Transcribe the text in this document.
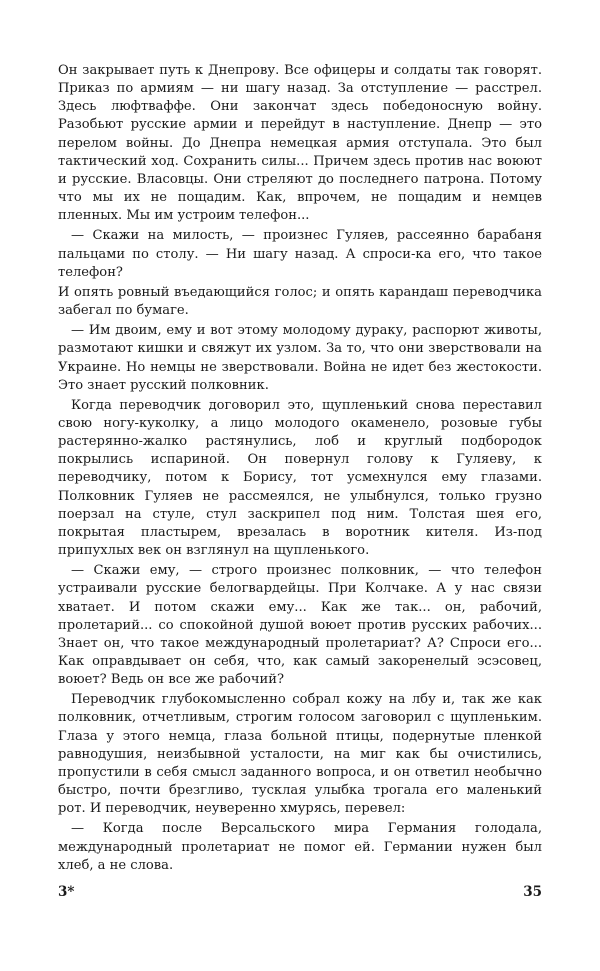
Он закрывает путь к Днепрову. Все офицеры и солдаты так говорят. Приказ по армиям — ни шагу назад. За отступление — расстрел. Здесь люфтваффе. Они закончат здесь победоносную войну. Разобьют русские армии и перейдут в наступление. Днепр — это перелом войны. До Днепра немецкая армия отступала. Это был тактический ход. Сохранить силы... Причем здесь против нас воюют и русские. Власовцы. Они стреляют до последнего патрона. Потому что мы их не пощадим. Как, впрочем, не пощадим и немцев пленных. Мы им устроим телефон...

— Скажи на милость, — произнес Гуляев, рассеянно барабаня пальцами по столу. — Ни шагу назад. А спроси-ка его, что такое телефон?

И опять ровный въедающийся голос; и опять карандаш переводчика забегал по бумаге.

— Им двоим, ему и вот этому молодому дураку, распорют животы, размотают кишки и свяжут их узлом. За то, что они зверствовали на Украине. Но немцы не зверствовали. Война не идет без жестокости. Это знает русский полковник.

Когда переводчик договорил это, щупленький снова переставил свою ногу-куколку, а лицо молодого окаменело, розовые губы растерянно-жалко растянулись, лоб и круглый подбородок покрылись испариной. Он повернул голову к Гуляеву, к переводчику, потом к Борису, тот усмехнулся ему глазами. Полковник Гуляев не рассмеялся, не улыбнулся, только грузно поерзал на стуле, стул заскрипел под ним. Толстая шея его, покрытая пластырем, врезалась в воротник кителя. Из-под припухлых век он взглянул на щупленького.

— Скажи ему, — строго произнес полковник, — что телефон устраивали русские белогвардейцы. При Колчаке. А у нас связи хватает. И потом скажи ему... Как же так... он, рабочий, пролетарий... со спокойной душой воюет против русских рабочих... Знает он, что такое международный пролетариат? А? Спроси его... Как оправдывает он себя, что, как самый закоренелый эсэсовец, воюет? Ведь он все же рабочий?

Переводчик глубокомысленно собрал кожу на лбу и, так же как полковник, отчетливым, строгим голосом заговорил с щупленьким. Глаза у этого немца, глаза больной птицы, подернутые пленкой равнодушия, неизбывной усталости, на миг как бы очистились, пропустили в себя смысл заданного вопроса, и он ответил необычно быстро, почти брезгливо, тусклая улыбка трогала его маленький рот. И переводчик, неуверенно хмурясь, перевел:

— Когда после Версальского мира Германия голодала, международный пролетариат не помог ей. Германии нужен был хлеб, а не слова.

3*	35
